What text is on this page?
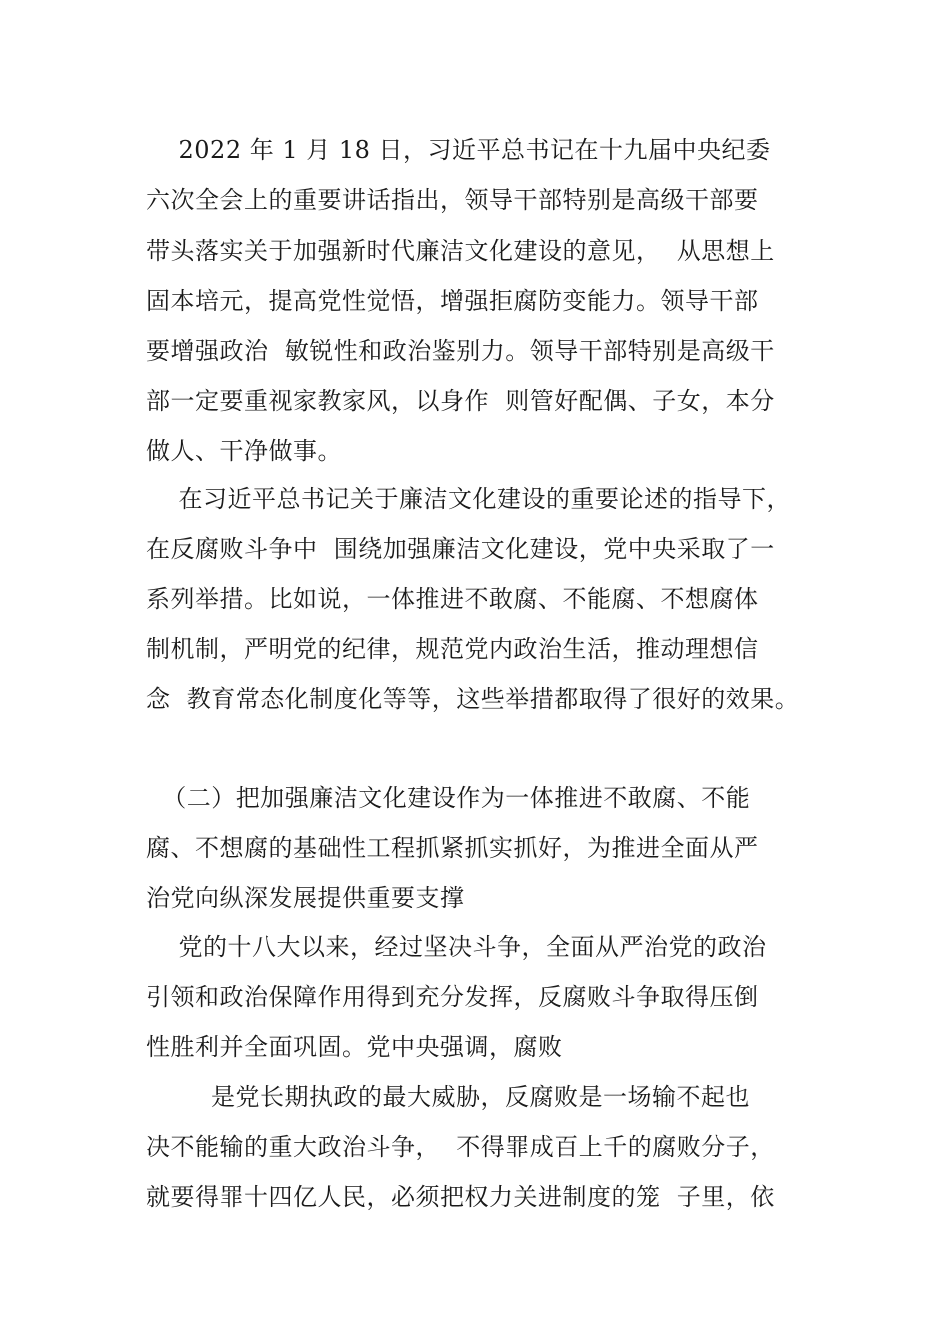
2022 年 1 月 18 日，习近平总书记在十九届中央纪委
六次全会上的重要讲话指出，领导干部特别是高级干部要
带头落实关于加强新时代廉洁文化建设的意见，  从思想上
固本培元，提高党性觉悟，增强拒腐防变能力。领导干部
要增强政治  敏锐性和政治鉴别力。领导干部特别是高级干
部一定要重视家教家风，以身作  则管好配偶、子女，本分
做人、干净做事。
在习近平总书记关于廉洁文化建设的重要论述的指导下，
在反腐败斗争中  围绕加强廉洁文化建设，党中央采取了一
系列举措。比如说，一体推进不敢腐、不能腐、不想腐体
制机制，严明党的纪律，规范党内政治生活，推动理想信
念  教育常态化制度化等等，这些举措都取得了很好的效果。
（二）把加强廉洁文化建设作为一体推进不敢腐、不能
腐、不想腐的基础性工程抓紧抓实抓好，为推进全面从严
治党向纵深发展提供重要支撑
党的十八大以来，经过坚决斗争，全面从严治党的政治
引领和政治保障作用得到充分发挥，反腐败斗争取得压倒
性胜利并全面巩固。党中央强调，腐败
是党长期执政的最大威胁，反腐败是一场输不起也
决不能输的重大政治斗争，  不得罪成百上千的腐败分子，
就要得罪十四亿人民，必须把权力关进制度的笼  子里，依
